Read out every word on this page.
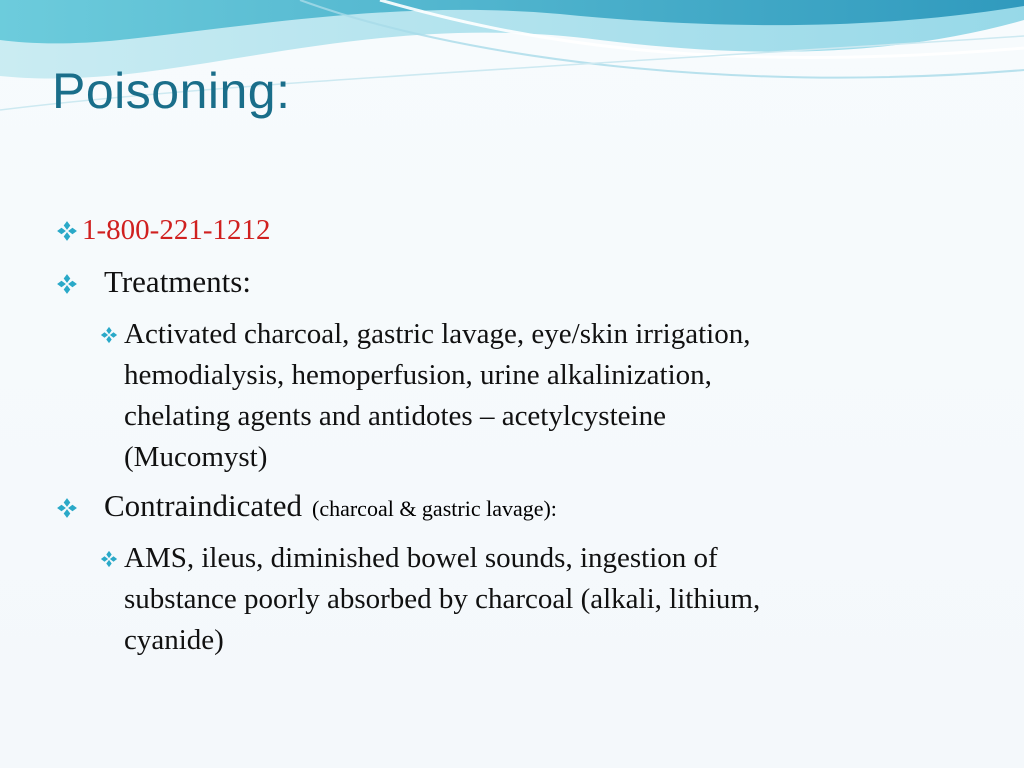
Poisoning:
1-800-221-1212
Treatments:
Activated charcoal, gastric lavage, eye/skin irrigation,
hemodialysis, hemoperfusion, urine alkalinization,
chelating agents and antidotes – acetylcysteine
(Mucomyst)
Contraindicated (charcoal & gastric lavage):
AMS, ileus, diminished bowel sounds, ingestion of
substance poorly absorbed by charcoal (alkali, lithium,
cyanide)
